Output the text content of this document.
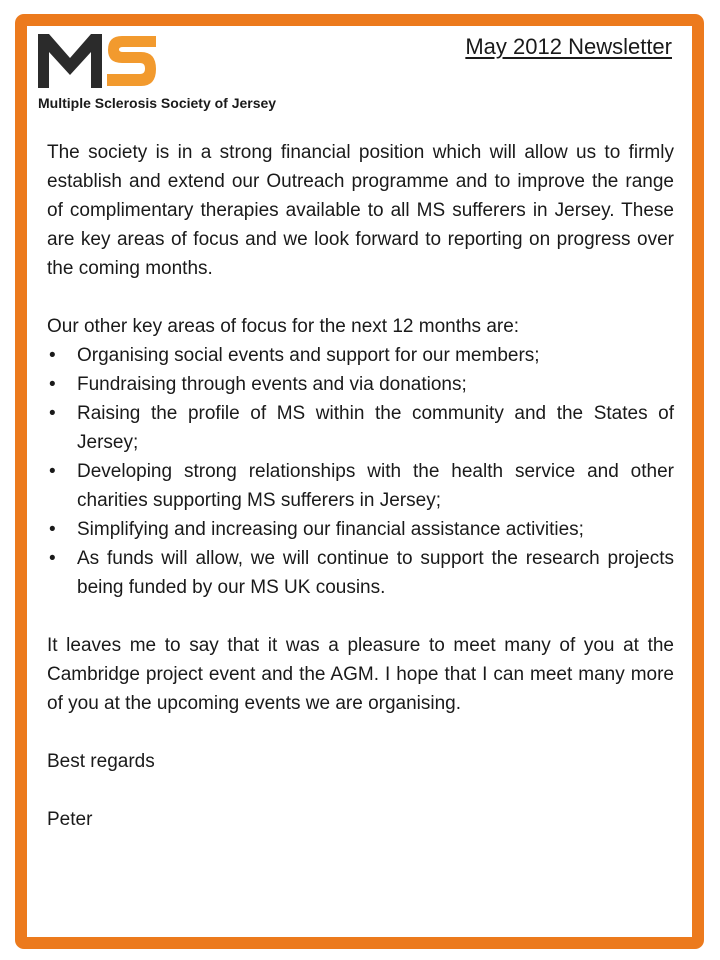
Multiple Sclerosis Society of Jersey
May 2012 Newsletter

The society is in a strong financial position which will allow us to firmly establish and extend our Outreach programme and to improve the range of complimentary therapies available to all MS sufferers in Jersey. These are key areas of focus and we look forward to reporting on progress over the coming months.

Our other key areas of focus for the next 12 months are:

•	Organising social events and support for our members;
•	Fundraising through events and via donations;
•	Raising the profile of MS within the community and the States of Jersey;
•	Developing strong relationships with the health service and other charities supporting MS sufferers in Jersey;
•	Simplifying and increasing our financial assistance activities;
•	As funds will allow, we will continue to support the research projects being funded by our MS UK cousins.

It leaves me to say that it was a pleasure to meet many of you at the Cambridge project event and the AGM. I hope that I can meet many more of you at the upcoming events we are organising.

Best regards

Peter
